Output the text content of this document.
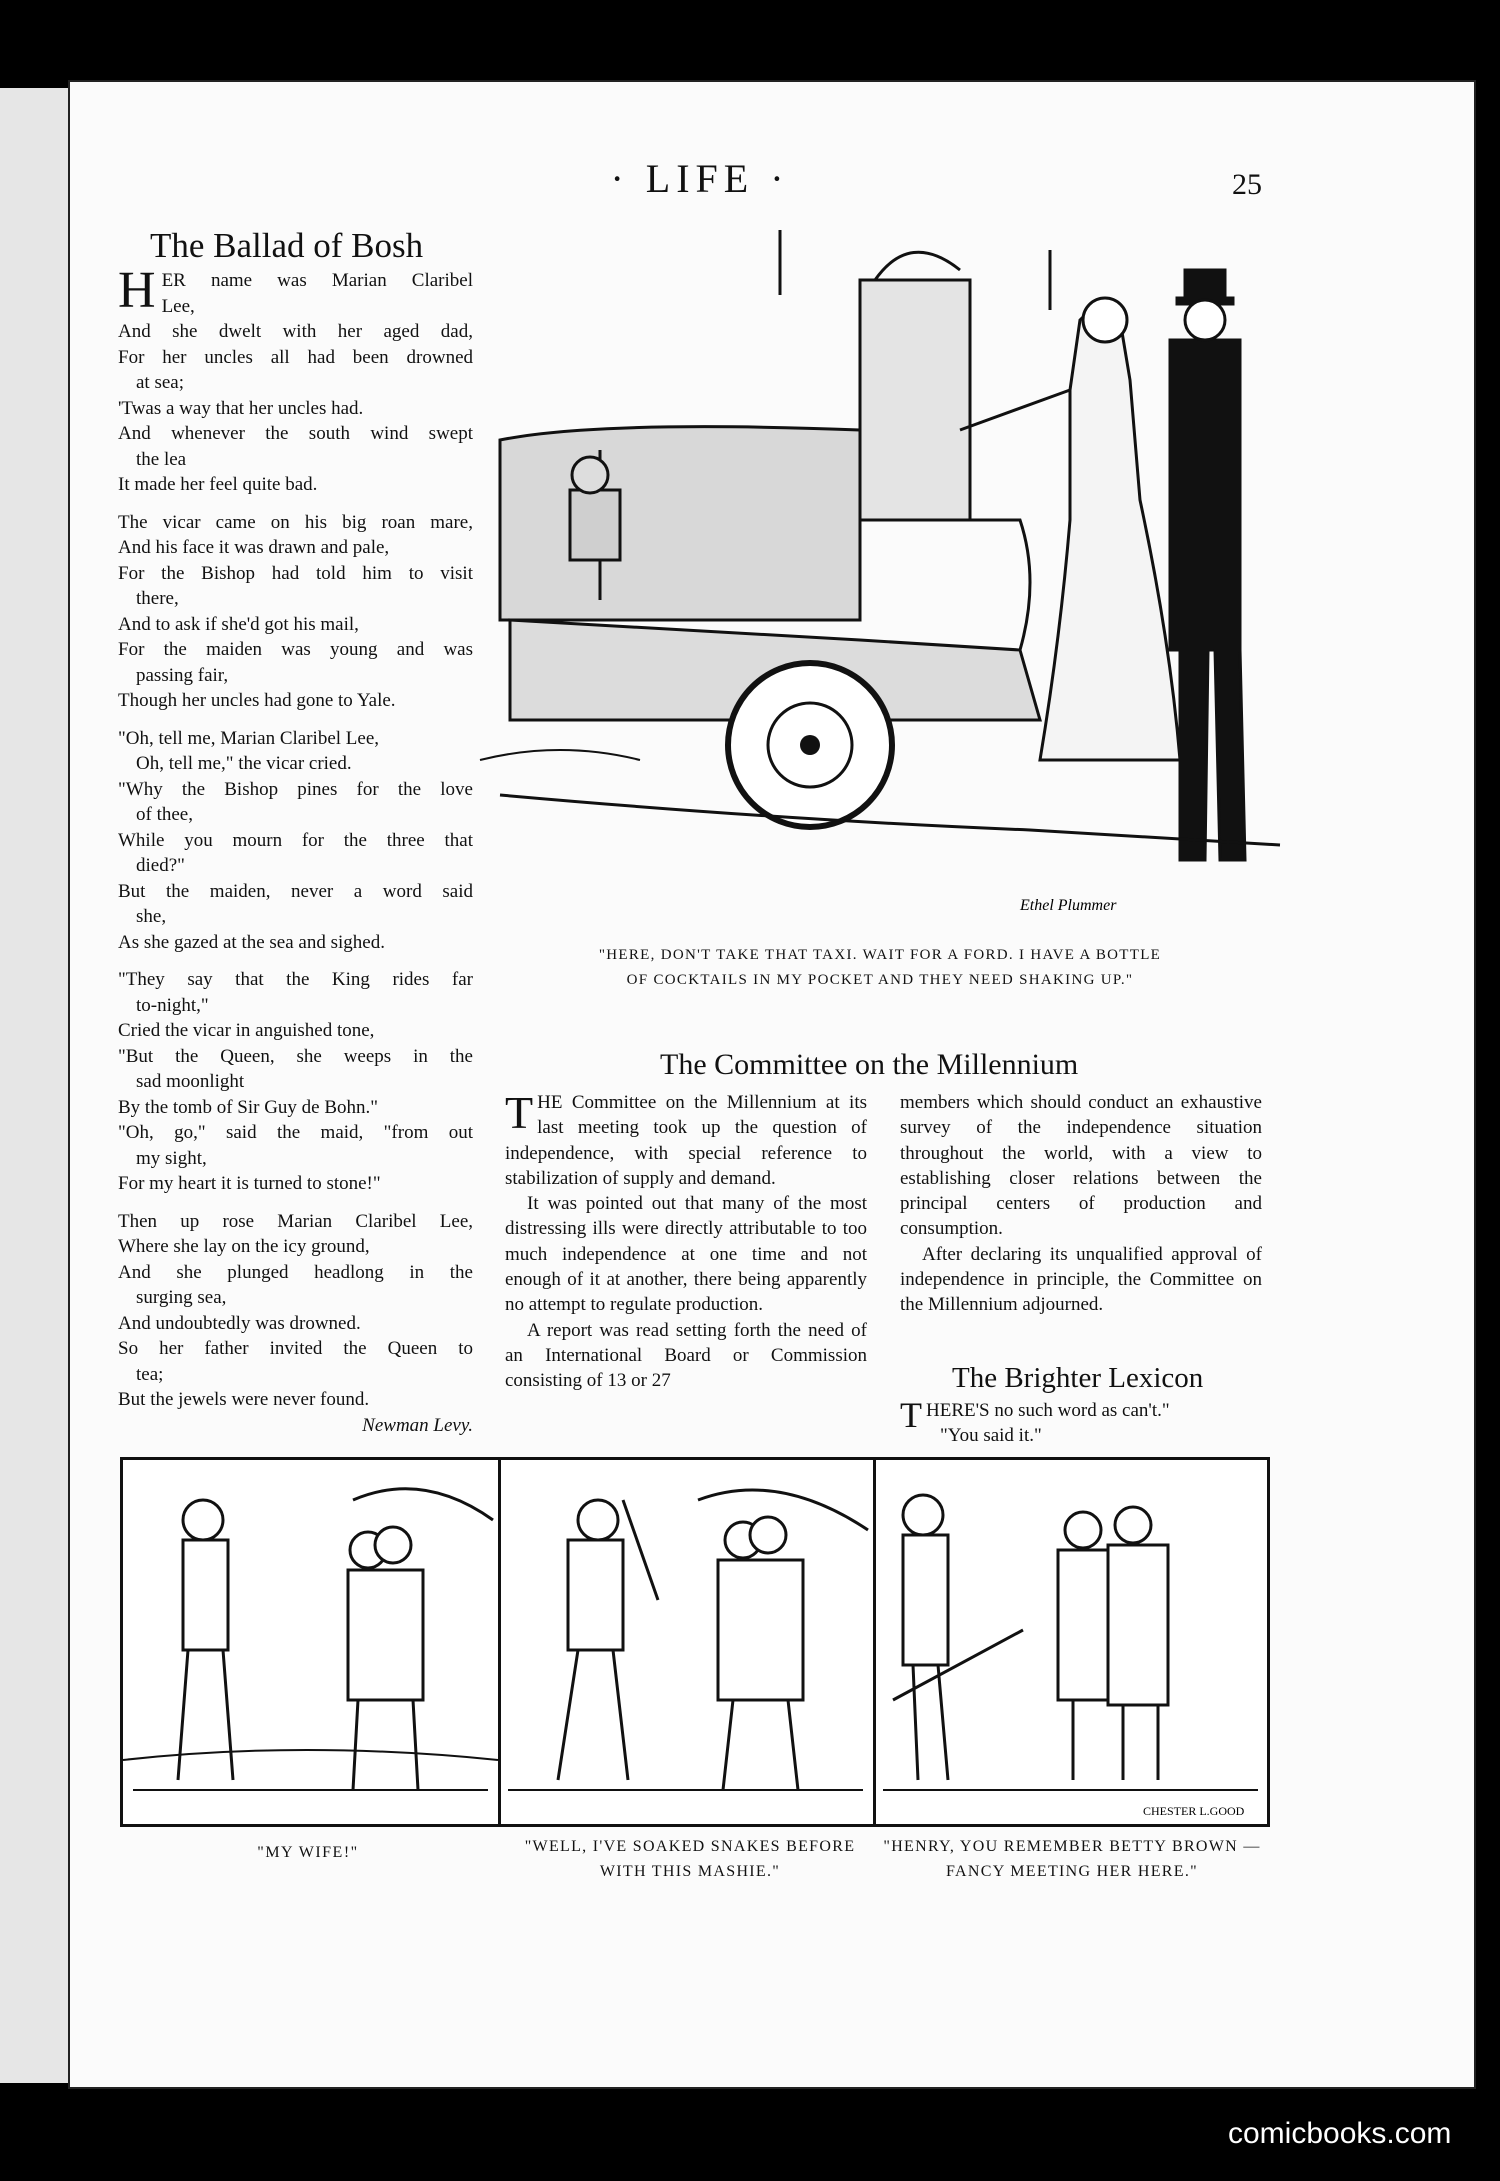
· LIFE ·	25
The Ballad of Bosh
H ER name was Marian Claribel
Lee,
And she dwelt with her aged dad,
For her uncles all had been drowned
at sea;
'Twas a way that her uncles had.
And whenever the south wind swept
the lea
It made her feel quite bad.
The vicar came on his big roan mare,
And his face it was drawn and pale,
For the Bishop had told him to visit
there,
And to ask if she'd got his mail,
For the maiden was young and was
passing fair,
Though her uncles had gone to Yale.
"Oh, tell me, Marian Claribel Lee,
Oh, tell me," the vicar cried.
"Why the Bishop pines for the love
of thee,
While you mourn for the three that
died?"
But the maiden, never a word said
she,
As she gazed at the sea and sighed.
"They say that the King rides far
to-night,"
Cried the vicar in anguished tone,
"But the Queen, she weeps in the
sad moonlight
By the tomb of Sir Guy de Bohn."
"Oh, go," said the maid, "from out
my sight,
For my heart it is turned to stone!"
Then up rose Marian Claribel Lee,
Where she lay on the icy ground,
And she plunged headlong in the
surging sea,
And undoubtedly was drowned.
So her father invited the Queen to
tea;
But the jewels were never found.
Newman Levy.
Ethel Plummer
"HERE, DON'T TAKE THAT TAXI. WAIT FOR A FORD. I HAVE A BOTTLE OF COCKTAILS IN MY POCKET AND THEY NEED SHAKING UP."
The Committee on the Millennium

THE Committee on the Millennium at its last meeting took up the question of independence, with special reference to stabilization of supply and demand.

It was pointed out that many of the most distressing ills were directly attributable to too much independence at one time and not enough of it at another, there being apparently no attempt to regulate production.

A report was read setting forth the need of an International Board or Commission consisting of 13 or 27

members which should conduct an exhaustive survey of the independence situation throughout the world, with a view to establishing closer relations between the principal centers of production and consumption.

After declaring its unqualified approval of independence in principle, the Committee on the Millennium adjourned.

The Brighter Lexicon
THERE'S no such word as can't."
"You said it."
CHESTER L.GOOD
"MY WIFE!"	"WELL, I'VE SOAKED SNAKES BEFORE WITH THIS MASHIE."
"HENRY, YOU REMEMBER BETTY BROWN —FANCY MEETING HER HERE."
comicbooks.com
